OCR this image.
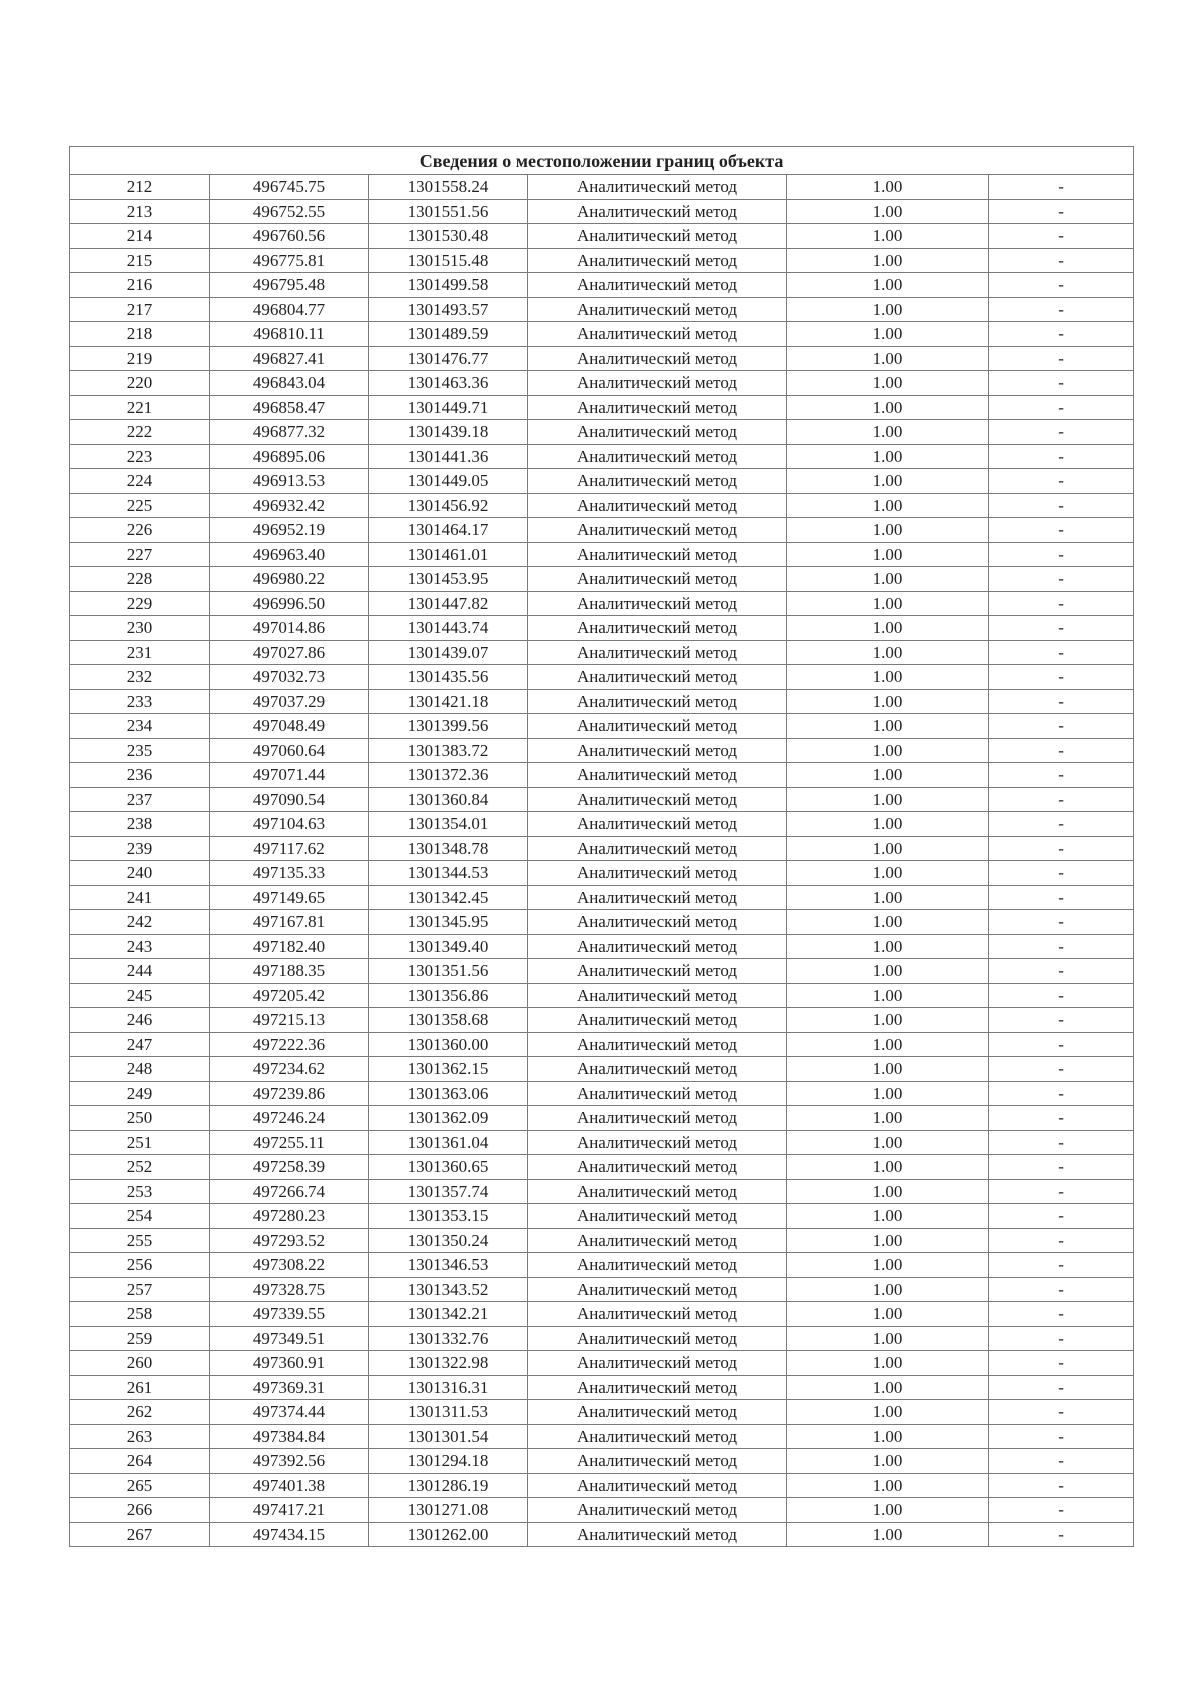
Сведения о местоположении границ объекта					
212	496745.75	1301558.24	Аналитический метод	1.00	-
213	496752.55	1301551.56	Аналитический метод	1.00	-
214	496760.56	1301530.48	Аналитический метод	1.00	-
215	496775.81	1301515.48	Аналитический метод	1.00	-
216	496795.48	1301499.58	Аналитический метод	1.00	-
217	496804.77	1301493.57	Аналитический метод	1.00	-
218	496810.11	1301489.59	Аналитический метод	1.00	-
219	496827.41	1301476.77	Аналитический метод	1.00	-
220	496843.04	1301463.36	Аналитический метод	1.00	-
221	496858.47	1301449.71	Аналитический метод	1.00	-
222	496877.32	1301439.18	Аналитический метод	1.00	-
223	496895.06	1301441.36	Аналитический метод	1.00	-
224	496913.53	1301449.05	Аналитический метод	1.00	-
225	496932.42	1301456.92	Аналитический метод	1.00	-
226	496952.19	1301464.17	Аналитический метод	1.00	-
227	496963.40	1301461.01	Аналитический метод	1.00	-
228	496980.22	1301453.95	Аналитический метод	1.00	-
229	496996.50	1301447.82	Аналитический метод	1.00	-
230	497014.86	1301443.74	Аналитический метод	1.00	-
231	497027.86	1301439.07	Аналитический метод	1.00	-
232	497032.73	1301435.56	Аналитический метод	1.00	-
233	497037.29	1301421.18	Аналитический метод	1.00	-
234	497048.49	1301399.56	Аналитический метод	1.00	-
235	497060.64	1301383.72	Аналитический метод	1.00	-
236	497071.44	1301372.36	Аналитический метод	1.00	-
237	497090.54	1301360.84	Аналитический метод	1.00	-
238	497104.63	1301354.01	Аналитический метод	1.00	-
239	497117.62	1301348.78	Аналитический метод	1.00	-
240	497135.33	1301344.53	Аналитический метод	1.00	-
241	497149.65	1301342.45	Аналитический метод	1.00	-
242	497167.81	1301345.95	Аналитический метод	1.00	-
243	497182.40	1301349.40	Аналитический метод	1.00	-
244	497188.35	1301351.56	Аналитический метод	1.00	-
245	497205.42	1301356.86	Аналитический метод	1.00	-
246	497215.13	1301358.68	Аналитический метод	1.00	-
247	497222.36	1301360.00	Аналитический метод	1.00	-
248	497234.62	1301362.15	Аналитический метод	1.00	-
249	497239.86	1301363.06	Аналитический метод	1.00	-
250	497246.24	1301362.09	Аналитический метод	1.00	-
251	497255.11	1301361.04	Аналитический метод	1.00	-
252	497258.39	1301360.65	Аналитический метод	1.00	-
253	497266.74	1301357.74	Аналитический метод	1.00	-
254	497280.23	1301353.15	Аналитический метод	1.00	-
255	497293.52	1301350.24	Аналитический метод	1.00	-
256	497308.22	1301346.53	Аналитический метод	1.00	-
257	497328.75	1301343.52	Аналитический метод	1.00	-
258	497339.55	1301342.21	Аналитический метод	1.00	-
259	497349.51	1301332.76	Аналитический метод	1.00	-
260	497360.91	1301322.98	Аналитический метод	1.00	-
261	497369.31	1301316.31	Аналитический метод	1.00	-
262	497374.44	1301311.53	Аналитический метод	1.00	-
263	497384.84	1301301.54	Аналитический метод	1.00	-
264	497392.56	1301294.18	Аналитический метод	1.00	-
265	497401.38	1301286.19	Аналитический метод	1.00	-
266	497417.21	1301271.08	Аналитический метод	1.00	-
267	497434.15	1301262.00	Аналитический метод	1.00	-
